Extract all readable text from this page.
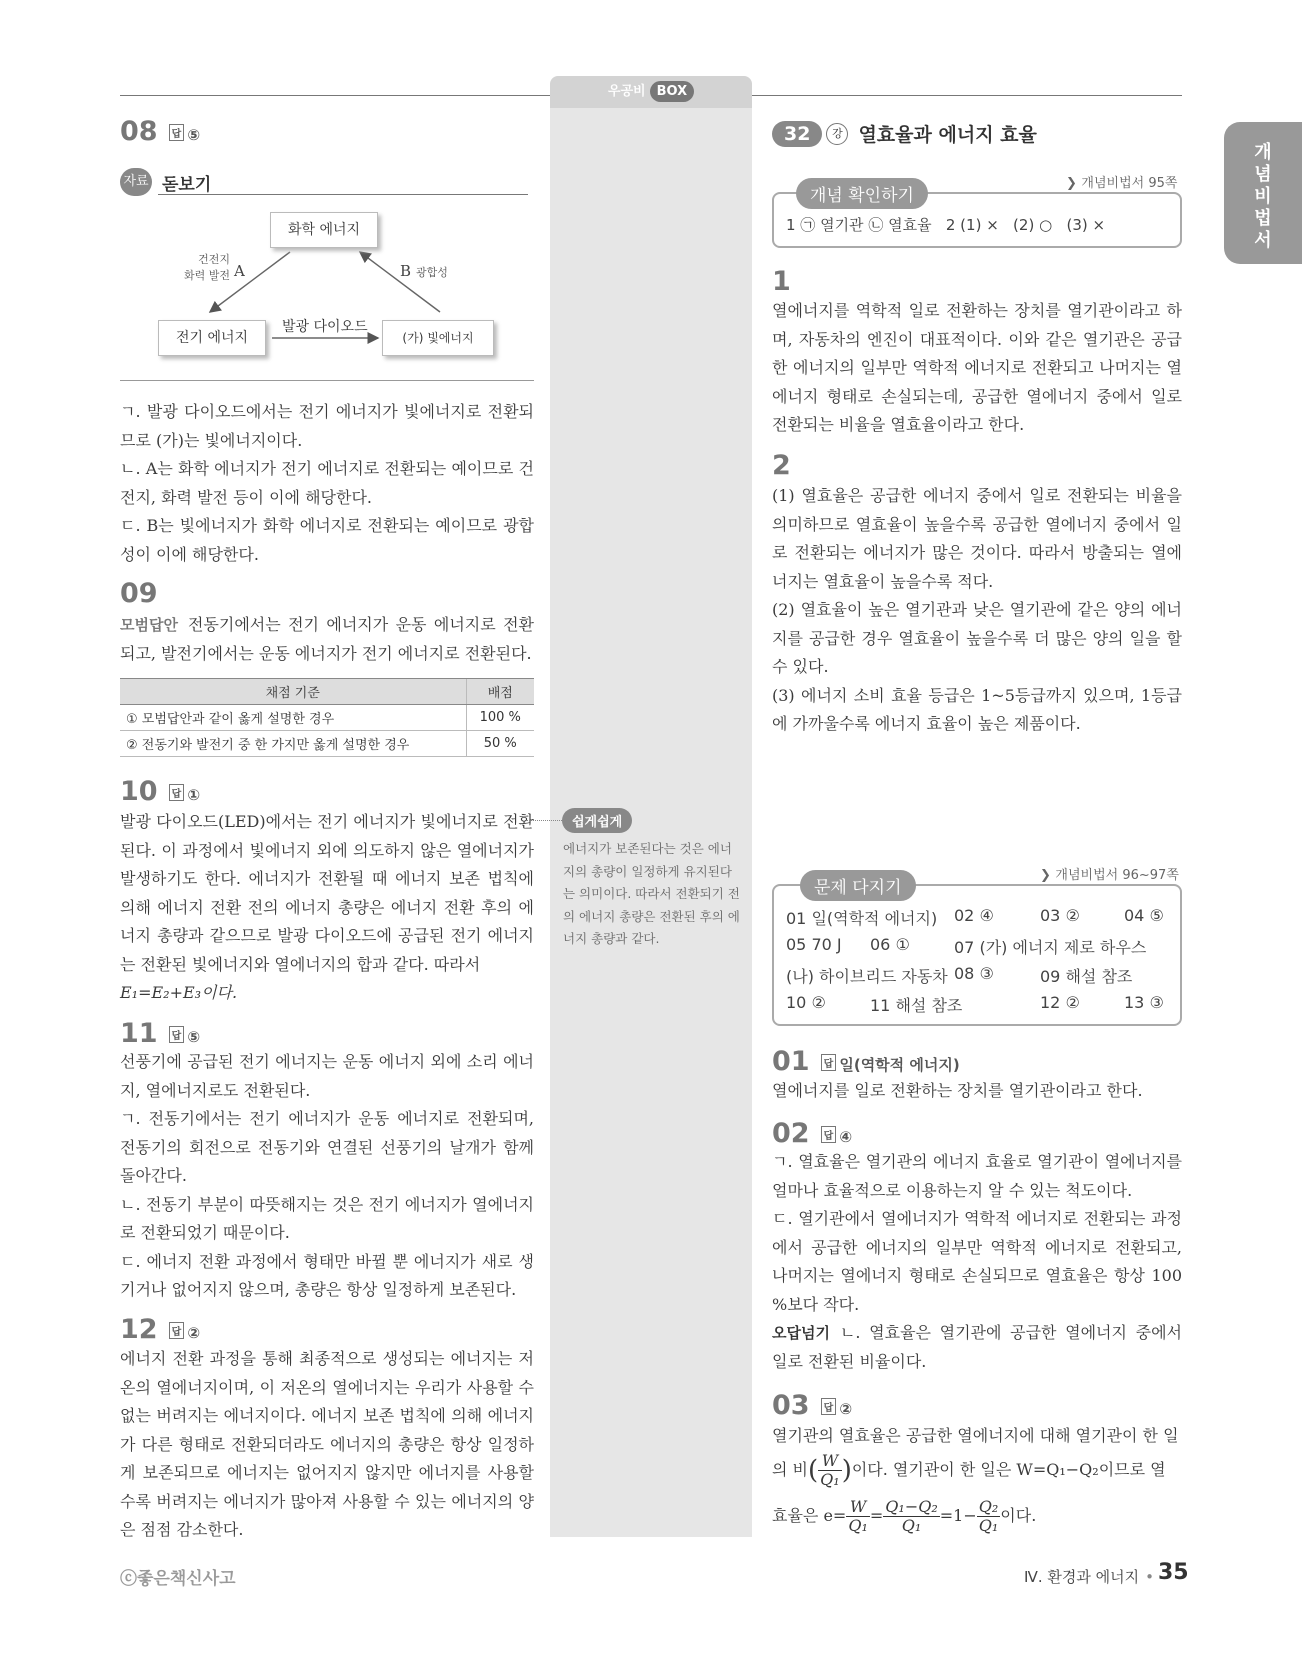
우공비 BOX
개념비법서
08 답 ⑤
자료 돋보기
화학 에너지
전기 에너지	(가) 빛에너지
건전지
화력 발전 A	B 광합성
발광 다이오드
ㄱ. 발광 다이오드에서는 전기 에너지가 빛에너지로 전환되므로 (가)는 빛에너지이다.
ㄴ. A는 화학 에너지가 전기 에너지로 전환되는 예이므로 건전지, 화력 발전 등이 이에 해당한다.
ㄷ. B는 빛에너지가 화학 에너지로 전환되는 예이므로 광합성이 이에 해당한다.
09
모범답안 전동기에서는 전기 에너지가 운동 에너지로 전환되고, 발전기에서는 운동 에너지가 전기 에너지로 전환된다.
채점 기준	배점
① 모범답안과 같이 옳게 설명한 경우	100 %
② 전동기와 발전기 중 한 가지만 옳게 설명한 경우	50 %
10 답 ①
발광 다이오드(LED)에서는 전기 에너지가 빛에너지로 전환된다. 이 과정에서 빛에너지 외에 의도하지 않은 열에너지가 발생하기도 한다. 에너지가 전환될 때 에너지 보존 법칙에 의해 에너지 전환 전의 에너지 총량은 에너지 전환 후의 에너지 총량과 같으므로 발광 다이오드에 공급된 전기 에너지는 전환된 빛에너지와 열에너지의 합과 같다. 따라서
E₁=E₂+E₃이다.
11 답 ⑤
선풍기에 공급된 전기 에너지는 운동 에너지 외에 소리 에너지, 열에너지로도 전환된다.
ㄱ. 전동기에서는 전기 에너지가 운동 에너지로 전환되며, 전동기의 회전으로 전동기와 연결된 선풍기의 날개가 함께 돌아간다.
ㄴ. 전동기 부분이 따뜻해지는 것은 전기 에너지가 열에너지로 전환되었기 때문이다.
ㄷ. 에너지 전환 과정에서 형태만 바뀔 뿐 에너지가 새로 생기거나 없어지지 않으며, 총량은 항상 일정하게 보존된다.
12 답 ②
에너지 전환 과정을 통해 최종적으로 생성되는 에너지는 저온의 열에너지이며, 이 저온의 열에너지는 우리가 사용할 수 없는 버려지는 에너지이다. 에너지 보존 법칙에 의해 에너지가 다른 형태로 전환되더라도 에너지의 총량은 항상 일정하게 보존되므로 에너지는 없어지지 않지만 에너지를 사용할수록 버려지는 에너지가 많아져 사용할 수 있는 에너지의 양은 점점 감소한다.
쉽게쉽게
에너지가 보존된다는 것은 에너지의 총량이 일정하게 유지된다는 의미이다. 따라서 전환되기 전의 에너지 총량은 전환된 후의 에너지 총량과 같다.
32	강 열효율과 에너지 효율
❯ 개념비법서 95쪽
개념 확인하기
1 ㉠ 열기관 ㉡ 열효율   2 (1) ×   (2) ○   (3) ×
1
열에너지를 역학적 일로 전환하는 장치를 열기관이라고 하며, 자동차의 엔진이 대표적이다. 이와 같은 열기관은 공급한 에너지의 일부만 역학적 에너지로 전환되고 나머지는 열에너지 형태로 손실되는데, 공급한 열에너지 중에서 일로 전환되는 비율을 열효율이라고 한다.
2
(1) 열효율은 공급한 에너지 중에서 일로 전환되는 비율을 의미하므로 열효율이 높을수록 공급한 열에너지 중에서 일로 전환되는 에너지가 많은 것이다. 따라서 방출되는 열에너지는 열효율이 높을수록 적다.
(2) 열효율이 높은 열기관과 낮은 열기관에 같은 양의 에너지를 공급한 경우 열효율이 높을수록 더 많은 양의 일을 할 수 있다.
(3) 에너지 소비 효율 등급은 1~5등급까지 있으며, 1등급에 가까울수록 에너지 효율이 높은 제품이다.
❯ 개념비법서 96~97쪽
문제 다지기
01 일(역학적 에너지) 02 ④	03 ②	04 ⑤
05 70 J 06 ①	07 (가) 에너지 제로 하우스
(나) 하이브리드 자동차 08 ③	09 해설 참조
10 ②	11 해설 참조	12 ②	13 ③
01 답 일(역학적 에너지)
열에너지를 일로 전환하는 장치를 열기관이라고 한다.
02 답 ④
ㄱ. 열효율은 열기관의 에너지 효율로 열기관이 열에너지를 얼마나 효율적으로 이용하는지 알 수 있는 척도이다.
ㄷ. 열기관에서 열에너지가 역학적 에너지로 전환되는 과정에서 공급한 에너지의 일부만 역학적 에너지로 전환되고, 나머지는 열에너지 형태로 손실되므로 열효율은 항상 100 %보다 작다.
오답넘기 ㄴ. 열효율은 열기관에 공급한 열에너지 중에서 일로 전환된 비율이다.
03 답 ②
열기관의 열효율은 공급한 열에너지에 대해 열기관이 한 일
의 비( $\frac{W}{\text{Q₁}}$ )이다. 열기관이 한 일은 W=Q₁−Q₂이므로 열
효율은 $e= \frac{W}{\text{Q₁}} = \frac{\text{Q₁−Q₂}}{\text{Q₁}} =1- \frac{\text{Q₂}}{\text{Q₁}}$ 이다.
ⓒ좋은책신사고	Ⅳ. 환경과 에너지 • 35
